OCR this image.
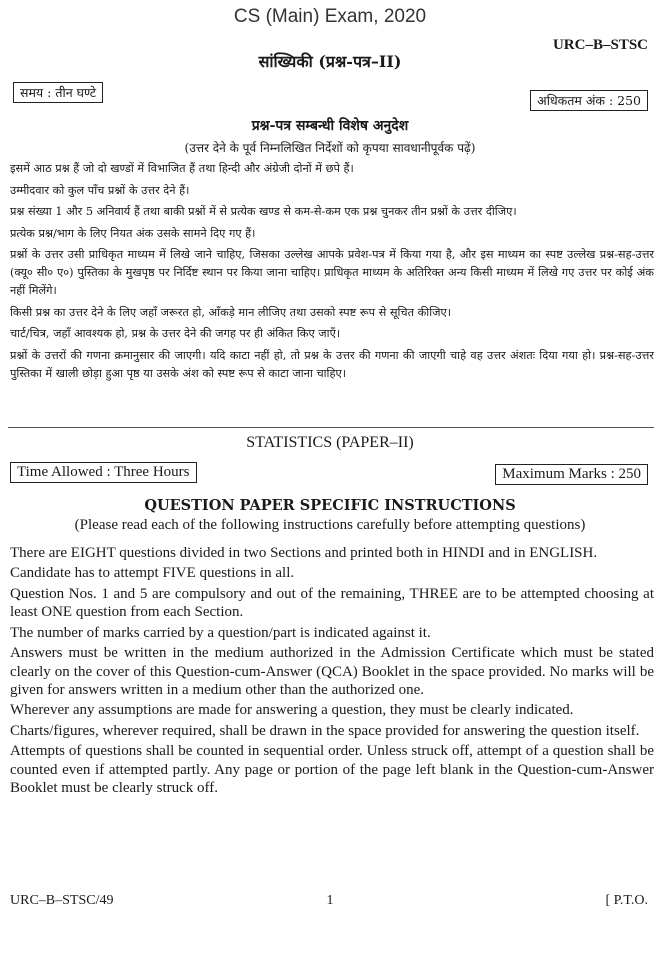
CS (Main) Exam, 2020
URC–B–STSC
सांख्यिकी (प्रश्न-पत्र–II)
समय : तीन घण्टे
अधिकतम अंक : 250
प्रश्न-पत्र सम्बन्धी विशेष अनुदेश
(उत्तर देने के पूर्व निम्नलिखित निर्देशों को कृपया सावधानीपूर्वक पढ़ें)

इसमें आठ प्रश्न हैं जो दो खण्डों में विभाजित हैं तथा हिन्दी और अंग्रेजी दोनों में छपे हैं।

उम्मीदवार को कुल पाँच प्रश्नों के उत्तर देने हैं।

प्रश्न संख्या 1 और 5 अनिवार्य हैं तथा बाकी प्रश्नों में से प्रत्येक खण्ड से कम-से-कम एक प्रश्न चुनकर तीन प्रश्नों के उत्तर दीजिए।

प्रत्येक प्रश्न/भाग के लिए नियत अंक उसके सामने दिए गए हैं।

प्रश्नों के उत्तर उसी प्राधिकृत माध्यम में लिखे जाने चाहिए, जिसका उल्लेख आपके प्रवेश-पत्र में किया गया है, और इस माध्यम का स्पष्ट उल्लेख प्रश्न-सह-उत्तर (क्यू० सी० ए०) पुस्तिका के मुखपृष्ठ पर निर्दिष्ट स्थान पर किया जाना चाहिए। प्राधिकृत माध्यम के अतिरिक्त अन्य किसी माध्यम में लिखे गए उत्तर पर कोई अंक नहीं मिलेंगे।

किसी प्रश्न का उत्तर देने के लिए जहाँ जरूरत हो, आँकड़े मान लीजिए तथा उसको स्पष्ट रूप से सूचित कीजिए।

चार्ट/चित्र, जहाँ आवश्यक हो, प्रश्न के उत्तर देने की जगह पर ही अंकित किए जाएँ।

प्रश्नों के उत्तरों की गणना क्रमानुसार की जाएगी। यदि काटा नहीं हो, तो प्रश्न के उत्तर की गणना की जाएगी चाहे वह उत्तर अंशतः दिया गया हो। प्रश्न-सह-उत्तर पुस्तिका में खाली छोड़ा हुआ पृष्ठ या उसके अंश को स्पष्ट रूप से काटा जाना चाहिए।

STATISTICS (PAPER–II)
Time Allowed : Three Hours	Maximum Marks : 250
QUESTION PAPER SPECIFIC INSTRUCTIONS
(Please read each of the following instructions carefully before attempting questions)

There are EIGHT questions divided in two Sections and printed both in HINDI and in ENGLISH.

Candidate has to attempt FIVE questions in all.

Question Nos. 1 and 5 are compulsory and out of the remaining, THREE are to be attempted choosing at least ONE question from each Section.

The number of marks carried by a question/part is indicated against it.

Answers must be written in the medium authorized in the Admission Certificate which must be stated clearly on the cover of this Question-cum-Answer (QCA) Booklet in the space provided. No marks will be given for answers written in a medium other than the authorized one.

Wherever any assumptions are made for answering a question, they must be clearly indicated.

Charts/figures, wherever required, shall be drawn in the space provided for answering the question itself.

Attempts of questions shall be counted in sequential order. Unless struck off, attempt of a question shall be counted even if attempted partly. Any page or portion of the page left blank in the Question-cum-Answer Booklet must be clearly struck off.

URC–B–STSC/49	1	[ P.T.O.
